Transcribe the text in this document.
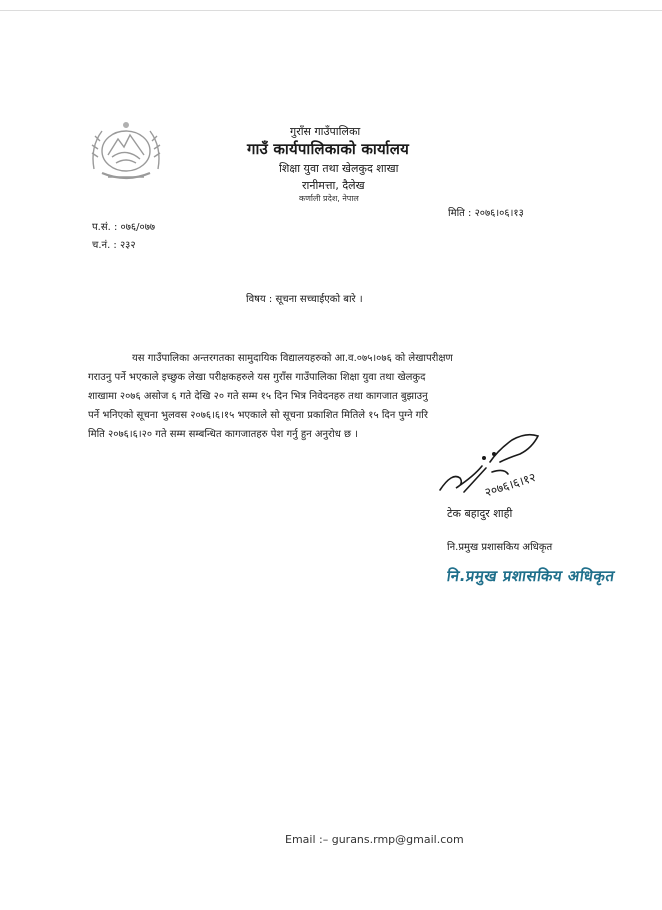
गुराँस गाउँपालिका
गाउँ कार्यपालिकाको कार्यालय
शिक्षा युवा तथा खेलकुद शाखा
रानीमत्ता, दैलेख
कर्णाली प्रदेश, नेपाल
मिति : २०७६।०६।१३
प.सं. : ०७६/०७७
च.नं. : २३२
विषय : सूचना सच्चाईएको बारे ।
यस गाउँपालिका अन्तरगतका सामुदायिक विद्यालयहरुको आ.व.०७५।०७६ को लेखापरीक्षण
गराउनु पर्ने भएकाले इच्छुक लेखा परीक्षकहरुले यस गुराँस गाउँपालिका शिक्षा युवा तथा खेलकुद
शाखामा २०७६ असोज ६ गते देखि २० गते सम्म १५ दिन भित्र निवेदनहरु तथा कागजात बुझाउनु
पर्ने भनिएको सूचना भुलवस २०७६।६।१५ भएकाले सो सूचना प्रकाशित मितिले १५ दिन पुग्ने गरि
मिति २०७६।६।२० गते सम्म सम्बन्धित कागजातहरु पेश गर्नु हुन अनुरोध छ ।
२०७६।६।१२
टेक बहादुर शाही
नि.प्रमुख प्रशासकिय अधिकृत
नि.प्रमुख प्रशासकिय अधिकृत
Email :– gurans.rmp@gmail.com
